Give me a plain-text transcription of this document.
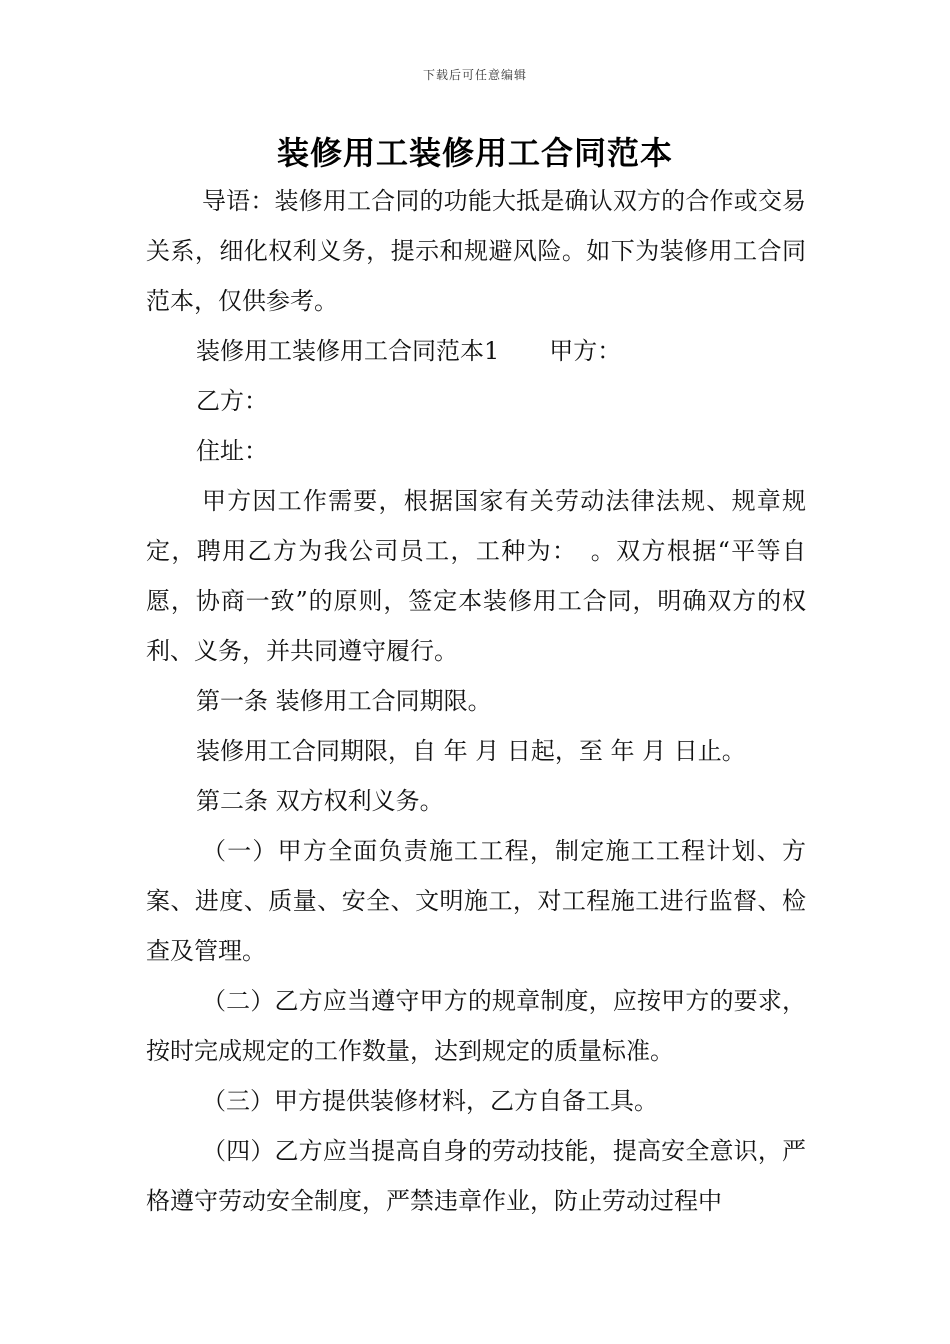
下载后可任意编辑
装修用工装修用工合同范本

导语：装修用工合同的功能大抵是确认双方的合作或交易关系，细化权利义务，提示和规避风险。如下为装修用工合同范本，仅供参考。

装修用工装修用工合同范本1 甲方：

乙方：

住址：

甲方因工作需要，根据国家有关劳动法律法规、规章规定，聘用乙方为我公司员工，工种为：　。双方根据“平等自愿，协商一致”的原则，签定本装修用工合同，明确双方的权利、义务，并共同遵守履行。

第一条 装修用工合同期限。

装修用工合同期限，自 年 月 日起，至 年 月 日止。

第二条 双方权利义务。

（一）甲方全面负责施工工程，制定施工工程计划、方案、进度、质量、安全、文明施工，对工程施工进行监督、检查及管理。

（二）乙方应当遵守甲方的规章制度，应按甲方的要求，按时完成规定的工作数量，达到规定的质量标准。

（三）甲方提供装修材料，乙方自备工具。

（四）乙方应当提高自身的劳动技能，提高安全意识，严格遵守劳动安全制度，严禁违章作业，防止劳动过程中
